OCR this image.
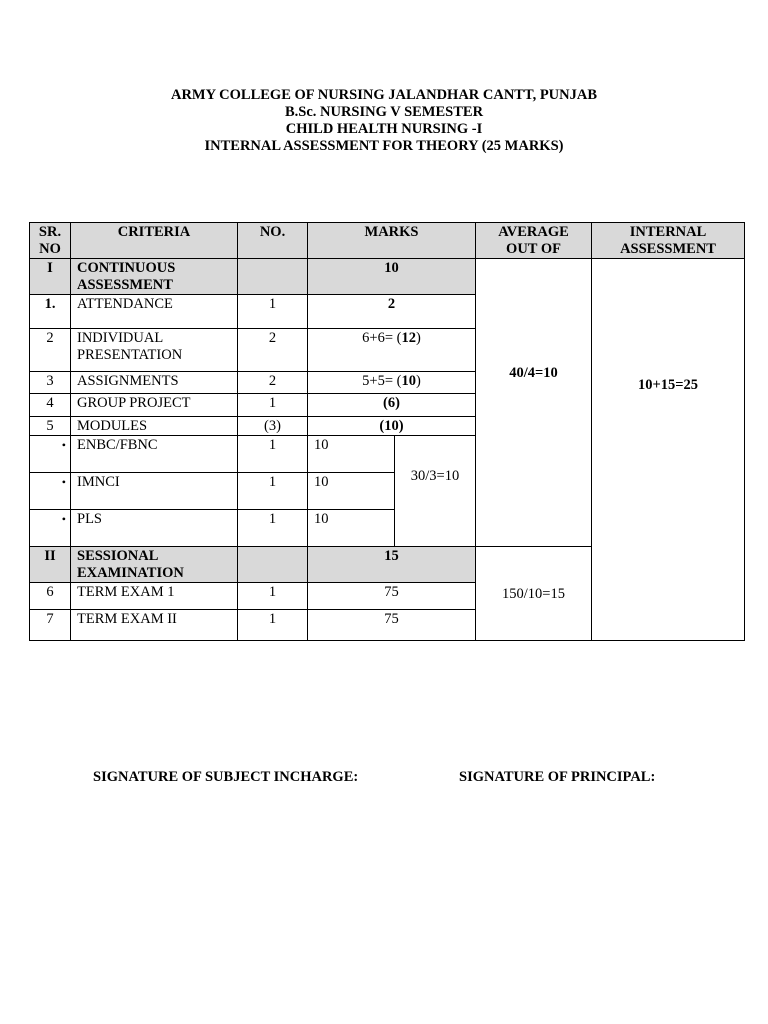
ARMY COLLEGE OF NURSING JALANDHAR CANTT, PUNJAB
B.Sc. NURSING V SEMESTER
CHILD HEALTH NURSING -I
INTERNAL ASSESSMENT FOR THEORY (25 MARKS)
SR. NO	CRITERIA	NO.	MARKS		AVERAGE OUT OF	INTERNAL ASSESSMENT
I	CONTINUOUS ASSESSMENT		10		40/4=10	10+15=25
1.	ATTENDANCE	1	2			
2	INDIVIDUAL PRESENTATION	2	6+6= (12)			
3	ASSIGNMENTS	2	5+5= (10)			
4	GROUP PROJECT	1	(6)			
5	MODULES	(3)	(10)			
•	ENBC/FBNC	1	10	30/3=10		
•	IMNCI	1	10			
•	PLS	1	10			
II	SESSIONAL EXAMINATION		15		150/10=15	
6	TERM EXAM 1	1	75			
7	TERM EXAM II	1	75			
SIGNATURE OF SUBJECT INCHARGE:	SIGNATURE OF PRINCIPAL:
